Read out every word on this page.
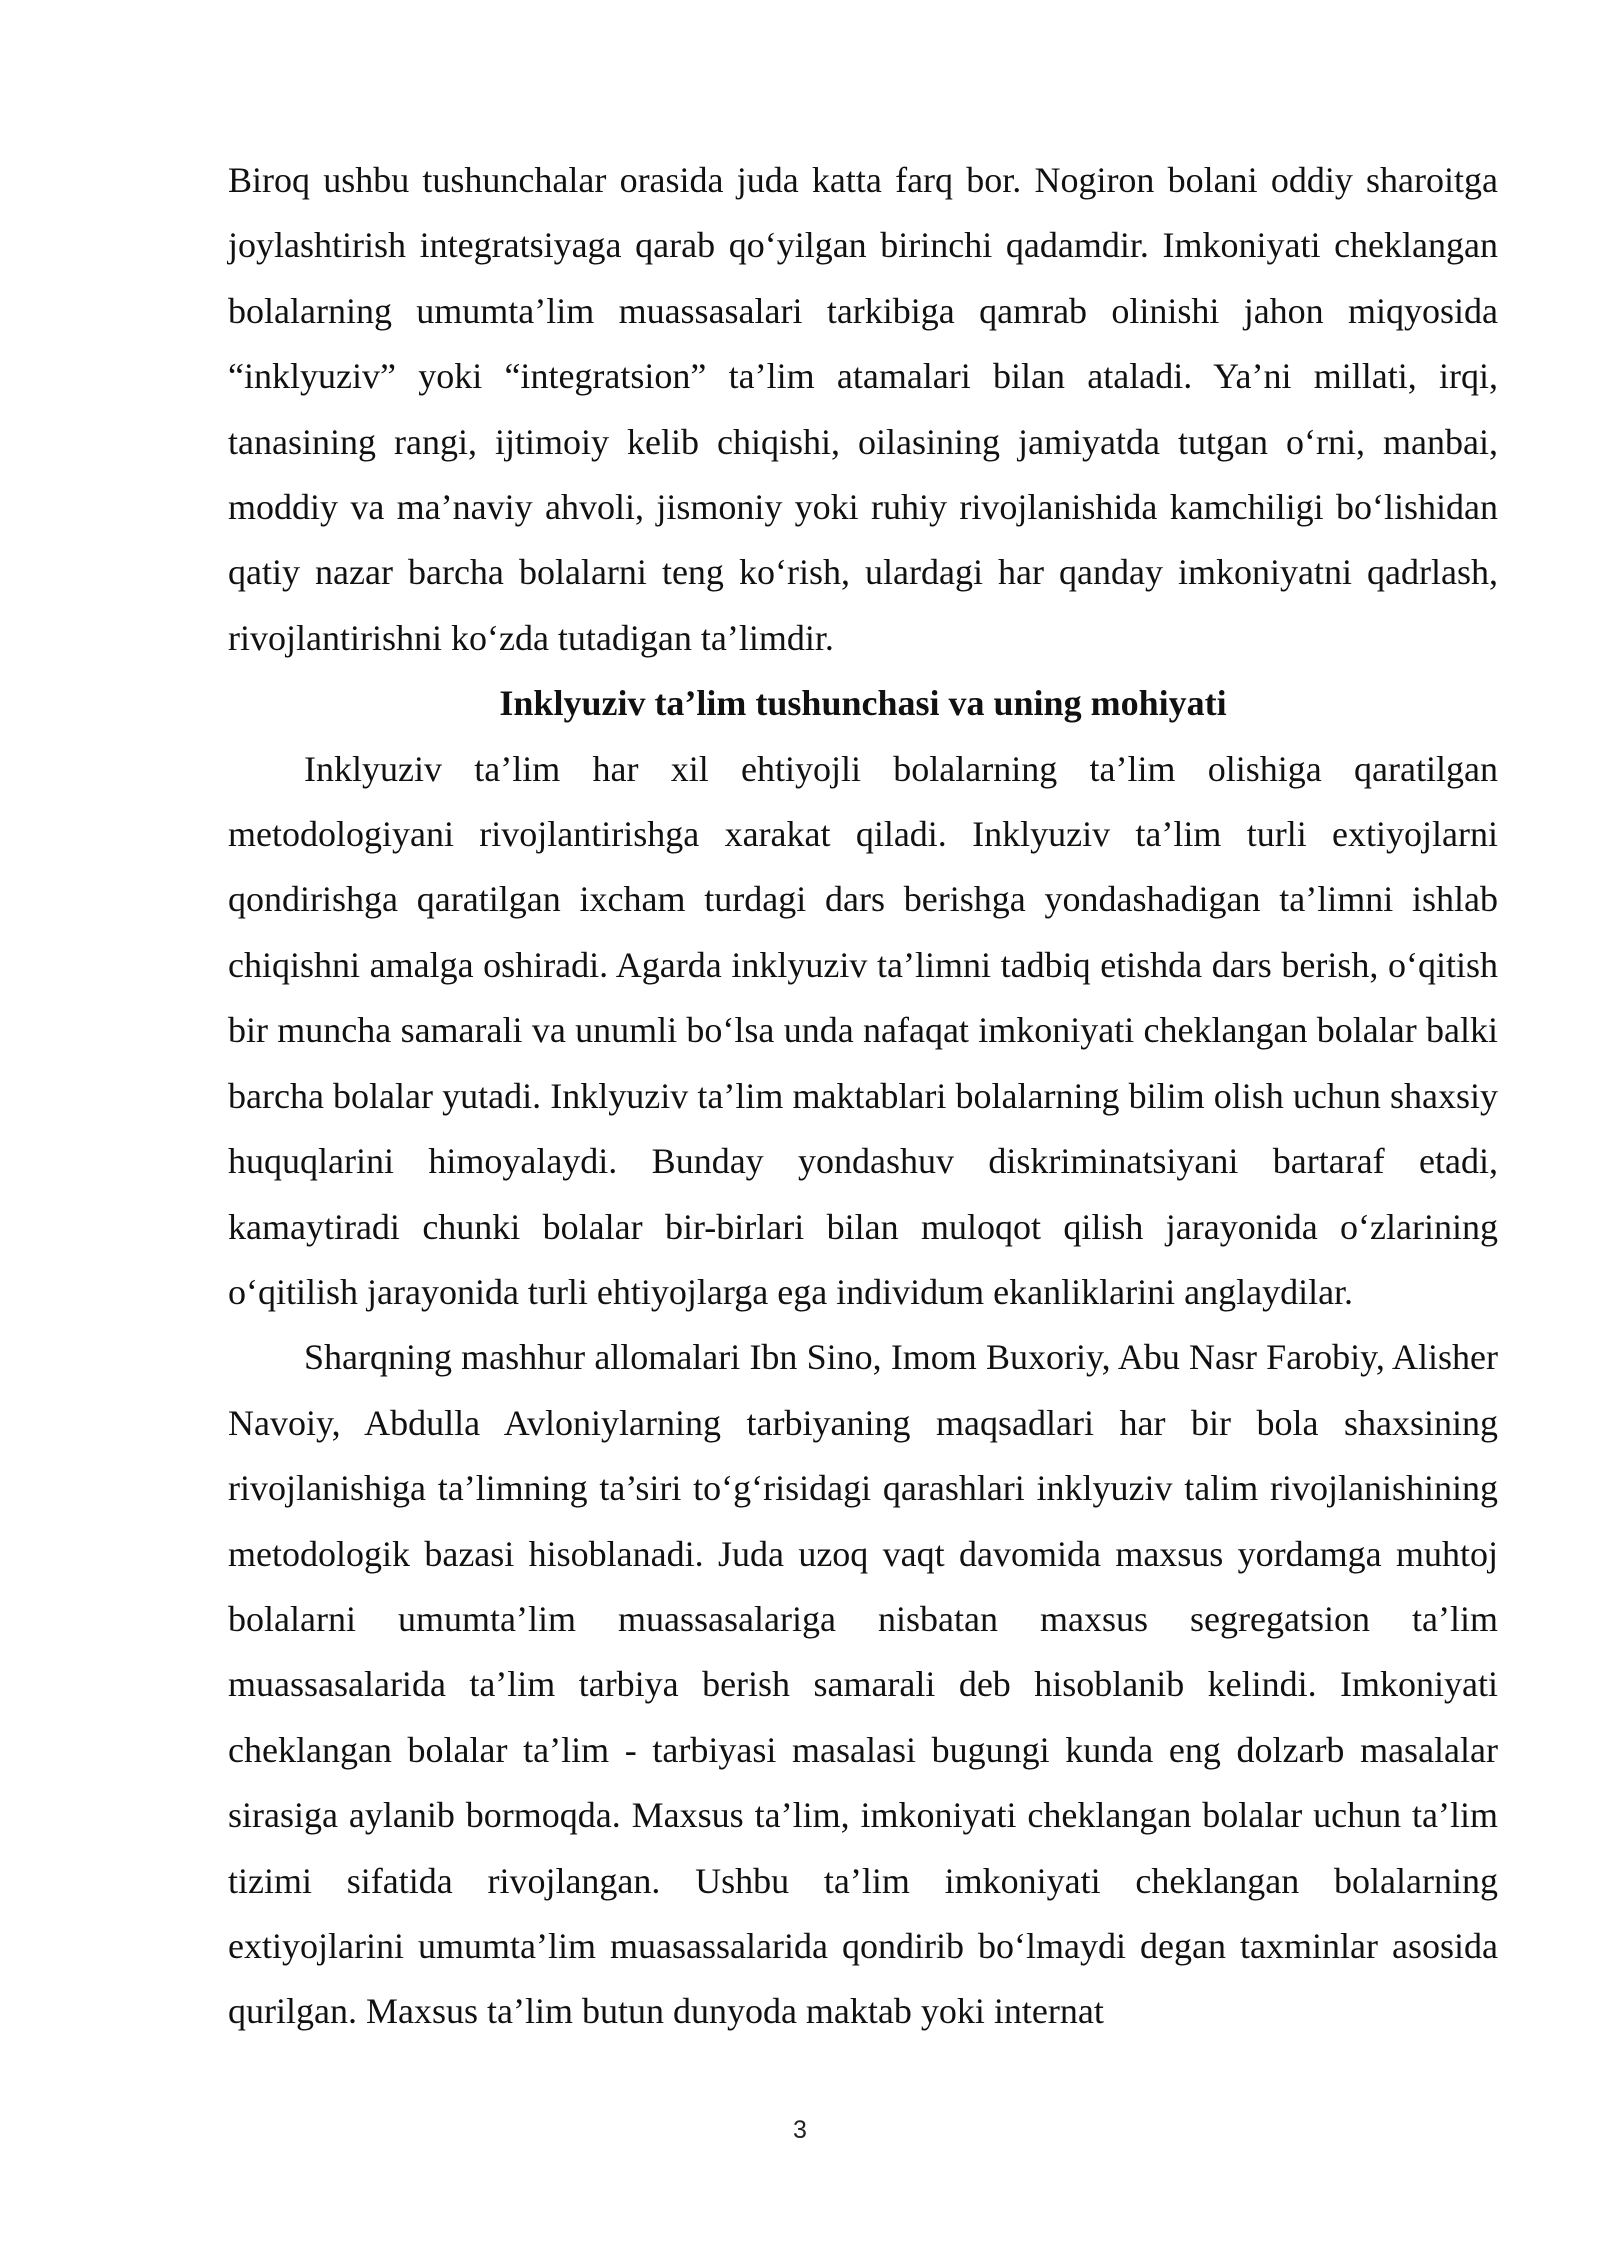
Biroq ushbu tushunchalar orasida juda katta farq bor. Nogiron bolani oddiy sharoitga joylashtirish integratsiyaga qarab qo‘yilgan birinchi qadamdir. Imkoniyati cheklangan bolalarning umumta’lim muassasalari tarkibiga qamrab olinishi jahon miqyosida “inklyuziv” yoki “integratsion” ta’lim atamalari bilan ataladi. Ya’ni millati, irqi, tanasining rangi, ijtimoiy kelib chiqishi, oilasining jamiyatda tutgan o‘rni, manbai, moddiy va ma’naviy ahvoli, jismoniy yoki ruhiy rivojlanishida kamchiligi bo‘lishidan qatiy nazar barcha bolalarni teng ko‘rish, ulardagi har qanday imkoniyatni qadrlash, rivojlantirishni ko‘zda tutadigan ta’limdir.

Inklyuziv ta’lim tushunchasi va uning mohiyati

Inklyuziv ta’lim har xil ehtiyojli bolalarning ta’lim olishiga qaratilgan metodologiyani rivojlantirishga xarakat qiladi. Inklyuziv ta’lim turli extiyojlarni qondirishga qaratilgan ixcham turdagi dars berishga yondashadigan ta’limni ishlab chiqishni amalga oshiradi. Agarda inklyuziv ta’limni tadbiq etishda dars berish, o‘qitish bir muncha samarali va unumli bo‘lsa unda nafaqat imkoniyati cheklangan bolalar balki barcha bolalar yutadi. Inklyuziv ta’lim maktablari bolalarning bilim olish uchun shaxsiy huquqlarini himoyalaydi. Bunday yondashuv diskriminatsiyani bartaraf etadi, kamaytiradi chunki bolalar bir-birlari bilan muloqot qilish jarayonida o‘zlarining o‘qitilish jarayonida turli ehtiyojlarga ega individum ekanliklarini anglaydilar.

Sharqning mashhur allomalari Ibn Sino, Imom Buxoriy, Abu Nasr Farobiy, Alisher Navoiy, Abdulla Avloniylarning tarbiyaning maqsadlari har bir bola shaxsining rivojlanishiga ta’limning ta’siri to‘g‘risidagi qarashlari inklyuziv talim rivojlanishining metodologik bazasi hisoblanadi. Juda uzoq vaqt davomida maxsus yordamga muhtoj bolalarni umumta’lim muassasalariga nisbatan maxsus segregatsion ta’lim muassasalarida ta’lim tarbiya berish samarali deb hisoblanib kelindi. Imkoniyati cheklangan bolalar ta’lim - tarbiyasi masalasi bugungi kunda eng dolzarb masalalar sirasiga aylanib bormoqda. Maxsus ta’lim, imkoniyati cheklangan bolalar uchun ta’lim tizimi sifatida rivojlangan. Ushbu ta’lim imkoniyati cheklangan bolalarning extiyojlarini umumta’lim muasassalarida qondirib bo‘lmaydi degan taxminlar asosida qurilgan. Maxsus ta’lim butun dunyoda maktab yoki internat

3
